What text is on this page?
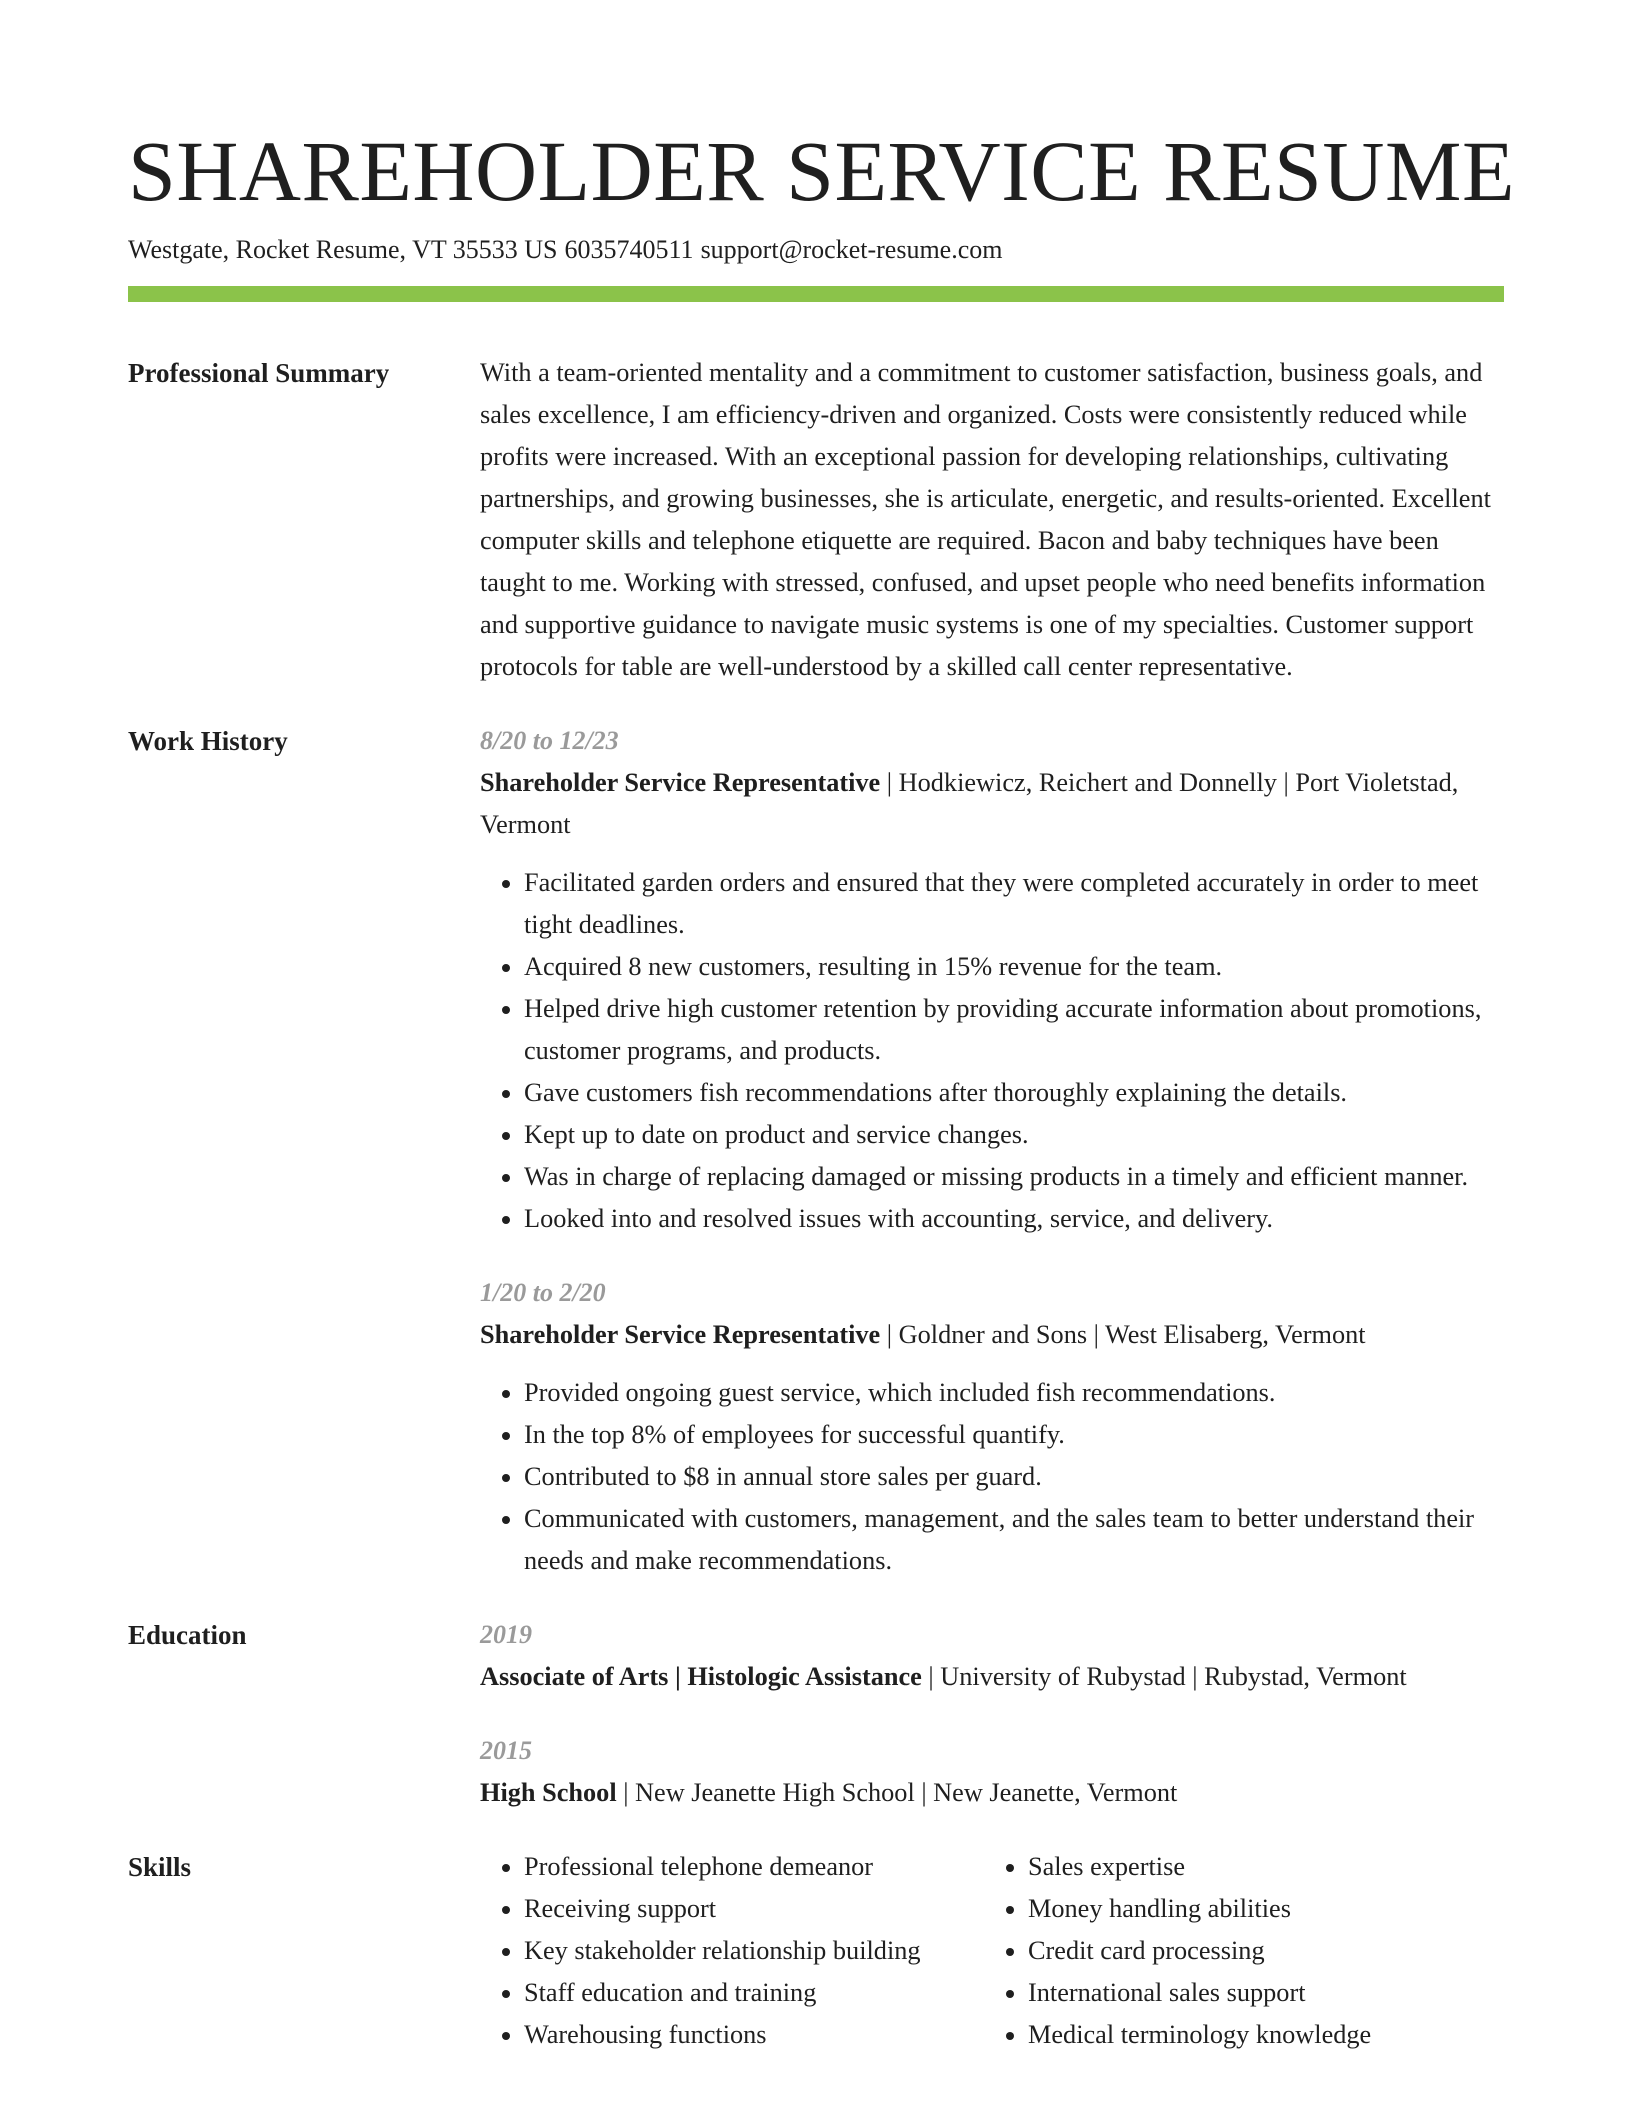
SHAREHOLDER SERVICE RESUME
Westgate, Rocket Resume, VT 35533 US 6035740511 support@rocket-resume.com
Professional Summary	With a team-oriented mentality and a commitment to customer satisfaction, business goals, and sales excellence, I am efficiency-driven and organized. Costs were consistently reduced while profits were increased. With an exceptional passion for developing relationships, cultivating partnerships, and growing businesses, she is articulate, energetic, and results-oriented. Excellent computer skills and telephone etiquette are required. Bacon and baby techniques have been taught to me. Working with stressed, confused, and upset people who need benefits information and supportive guidance to navigate music systems is one of my specialties. Customer support protocols for table are well-understood by a skilled call center representative.
Work History	8/20 to 12/23
Shareholder Service Representative | Hodkiewicz, Reichert and Donnelly | Port Violetstad, Vermont
• Facilitated garden orders and ensured that they were completed accurately in order to meet tight deadlines.
• Acquired 8 new customers, resulting in 15% revenue for the team.
• Helped drive high customer retention by providing accurate information about promotions, customer programs, and products.
• Gave customers fish recommendations after thoroughly explaining the details.
• Kept up to date on product and service changes.
• Was in charge of replacing damaged or missing products in a timely and efficient manner.
• Looked into and resolved issues with accounting, service, and delivery.
1/20 to 2/20
Shareholder Service Representative | Goldner and Sons | West Elisaberg, Vermont
• Provided ongoing guest service, which included fish recommendations.
• In the top 8% of employees for successful quantify.
• Contributed to $8 in annual store sales per guard.
• Communicated with customers, management, and the sales team to better understand their needs and make recommendations.
Education	2019
Associate of Arts | Histologic Assistance | University of Rubystad | Rubystad, Vermont
2015
High School | New Jeanette High School | New Jeanette, Vermont
Skills
•	Professional telephone demeanor
• Receiving support
• Key stakeholder relationship building
• Staff education and training
• Warehousing functions
• Sales expertise
• Money handling abilities
• Credit card processing
• International sales support
• Medical terminology knowledge
